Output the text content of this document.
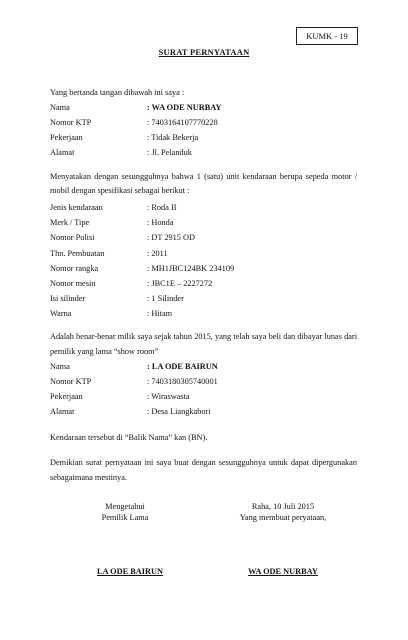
KUMK - 19
SURAT PERNYATAAN
Yang bertanda tangan dibawah ini saya :
Nama	: WA ODE NURBAY
Nomor KTP	: 7403164107770228
Pekerjaan	: Tidak Bekerja
Alamat	: Jl. Pelanduk
Menyatakan dengan sesungguhnya bahwa 1 (satu) unit kendaraan berupa sepeda motor / mobil dengan spesifikasi sebagai berikut :
Jenis kendaraan	: Roda II
Merk / Tipe	: Honda
Nomor Polisi	: DT 2915 OD
Thn. Pembuatan	: 2011
Nomor rangka	: MH1JBC124BK 234109
Nomor mesin	: JBC1E – 2227272
Isi silinder	: 1 Silinder
Warna	: Hitam
Adalah benar-benar milik saya sejak tahun 2015, yang telah saya beli dan dibayar lunas dari pemilik yang lama “show room”
Nama	: LA ODE BAIRUN
Nomor KTP	: 7403180305740001
Pekerjaan	: Wiraswasta
Alamat	: Desa Liangkabori
Kendaraan tersebut di “Balik Nama” kan (BN).
Demikian surat pernyataan ini saya buat dengan sesungguhnya untuk dapat dipergunakan sebagaimana mestinya.
Mengetahui
Pemilik Lama
LA ODE BAIRUN
Raha, 10 Juli 2015
Yang membuat peryataan,
WA ODE NURBAY
